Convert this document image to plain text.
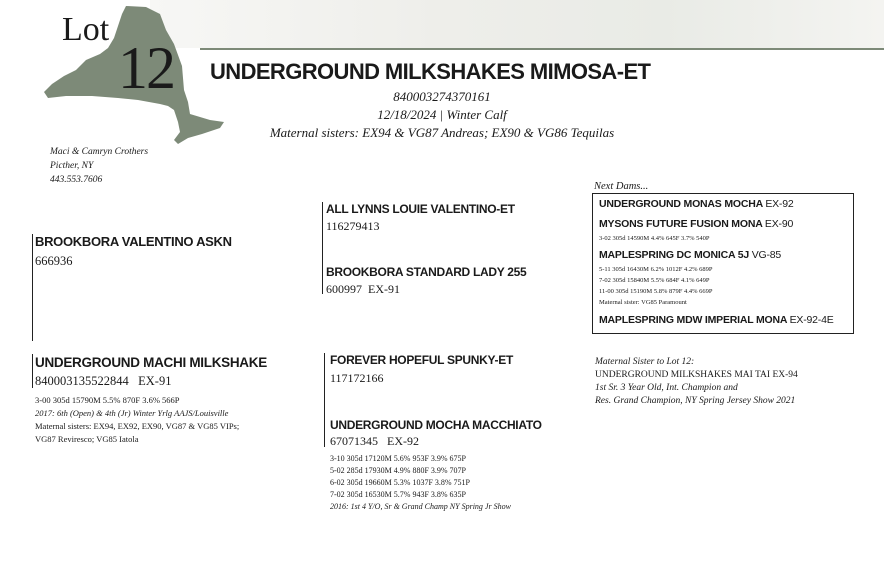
Lot
12 UNDERGROUND MILKSHAKES MIMOSA-ET
840003274370161
12/18/2024 | Winter Calf
Maternal sisters: EX94 & VG87 Andreas; EX90 & VG86 Tequilas
Maci & Camryn Crothers
Picther, NY
443.553.7606
BROOKBORA VALENTINO ASKN
666936
ALL LYNNS LOUIE VALENTINO-ET
116279413
BROOKBORA STANDARD LADY 255
600997 EX-91
UNDERGROUND MACHI MILKSHAKE
840003135522844 EX-91
3-00 305d 15790M 5.5% 870F 3.6% 566P
2017: 6th (Open) & 4th (Jr) Winter Yrlg AAJS/Louisville
Maternal sisters: EX94, EX92, EX90, VG87 & VG85 VIPs;
VG87 Reviresco; VG85 Iatola
FOREVER HOPEFUL SPUNKY-ET
117172166
UNDERGROUND MOCHA MACCHIATO
67071345 EX-92
3-10 305d 17120M 5.6% 953F 3.9% 675P
5-02 285d 17930M 4.9% 880F 3.9% 707P
6-02 305d 19660M 5.3% 1037F 3.8% 751P
7-02 305d 16530M 5.7% 943F 3.8% 635P
2016: 1st 4 Y/O, Sr & Grand Champ NY Spring Jr Show
Next Dams...
UNDERGROUND MONAS MOCHA EX-92
MYSONS FUTURE FUSION MONA EX-90
3-02 305d 14590M 4.4% 645F 3.7% 540P
MAPLESPRING DC MONICA 5J VG-85
5-11 305d 16430M 6.2% 1012F 4.2% 689P
7-02 305d 15840M 5.5% 684F 4.1% 649P
11-00 305d 15190M 5.8% 879F 4.4% 669P
Maternal sister: VG85 Paramount
MAPLESPRING MDW IMPERIAL MONA EX-92-4E
Maternal Sister to Lot 12:
UNDERGROUND MILKSHAKES MAI TAI EX-94
1st Sr. 3 Year Old, Int. Champion and
Res. Grand Champion, NY Spring Jersey Show 2021
